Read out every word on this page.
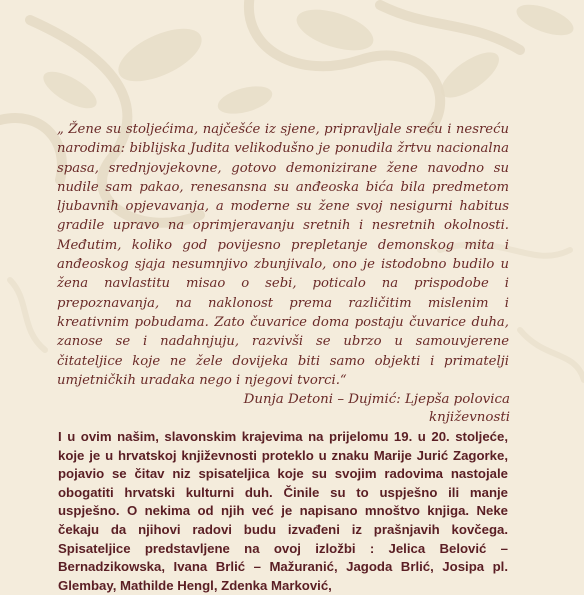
„ Žene su stoljećima, najčešće iz sjene, pripravljale sreću i nesreću narodima: biblijska Judita velikodušno je ponudila žrtvu nacionalna spasa, srednjovjekovne, gotovo demonizirane žene navodno su nudile sam pakao, renesansna su anđeoska bića bila predmetom ljubavnih opjevavanja, a moderne su žene svoj nesigurni habitus gradile upravo na oprimjeravanju sretnih i nesretnih okolnosti. Međutim, koliko god povijesno prepletanje demonskog mita i anđeoskog sjaja nesumnjivo zbunjivalo, ono je istodobno budilo u žena navlastitu misao o sebi, poticalo na prispodobe i prepoznavanja, na naklonost prema različitim mislenim i kreativnim pobudama. Zato čuvarice doma postaju čuvarice duha, zanose se i nadahnjuju, razvivši se ubrzo u samouvjerene čitateljice koje ne žele dovijeka biti samo objekti i primatelji umjetničkih uradaka nego i njegovi tvorci.“

Dunja Detoni – Dujmić: Ljepša polovica književnosti

I u ovim našim, slavonskim krajevima na prijelomu 19. u 20. stoljeće, koje je u hrvatskoj književnosti proteklo u znaku Marije Jurić Zagorke, pojavio se čitav niz spisateljica koje su svojim radovima nastojale obogatiti hrvatski kulturni duh. Činile su to uspješno ili manje uspješno. O nekima od njih već je napisano mnoštvo knjiga. Neke čekaju da njihovi radovi budu izvađeni iz prašnjavih kovčega. Spisateljice predstavljene na ovoj izložbi : Jelica Belović – Bernadzikowska, Ivana Brlić – Mažuranić, Jagoda Brlić, Josipa pl. Glembay, Mathilde Hengl, Zdenka Marković,
